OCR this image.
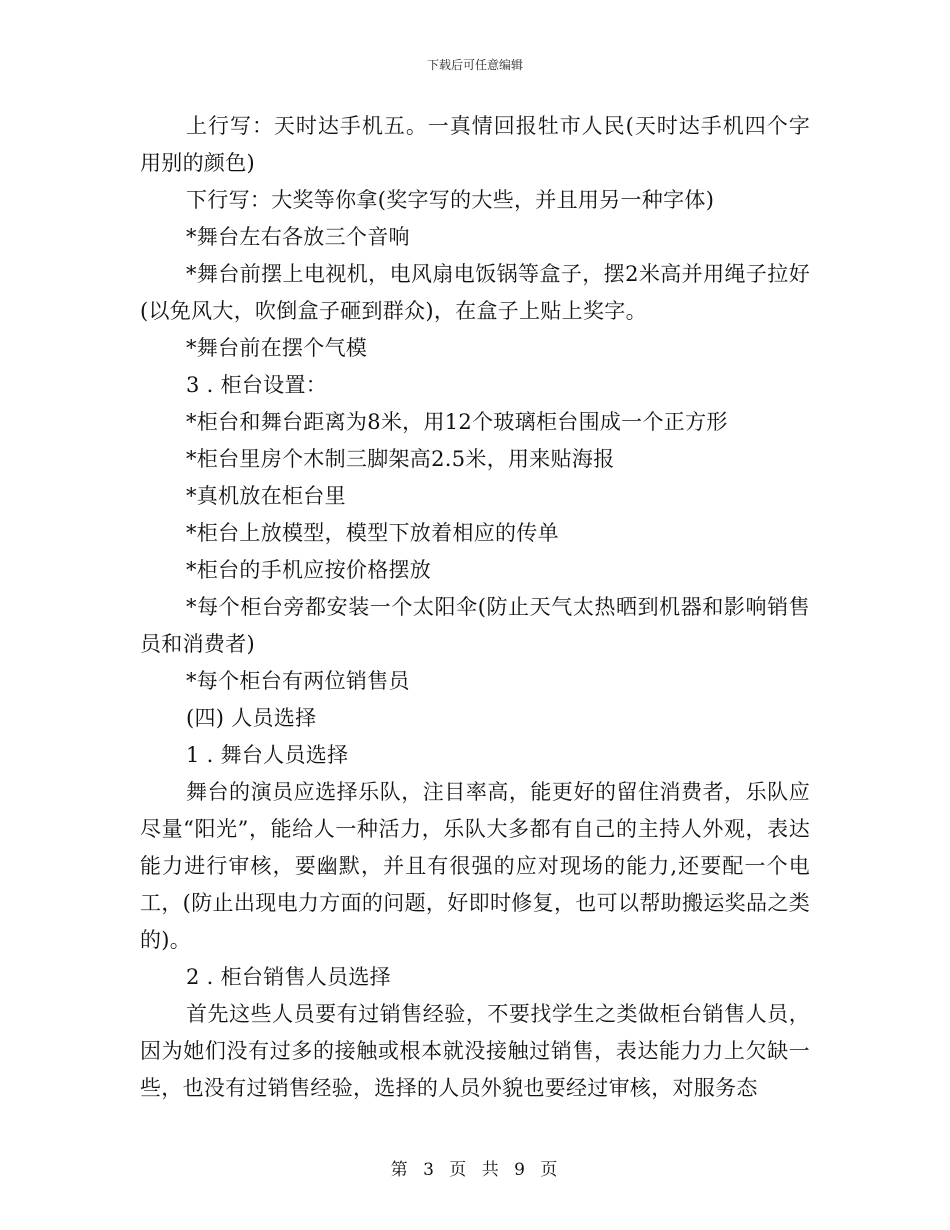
下载后可任意编辑

上行写：天时达手机五。一真情回报牡市人民(天时达手机四个字用别的颜色)

下行写：大奖等你拿(奖字写的大些，并且用另一种字体)

*舞台左右各放三个音响

*舞台前摆上电视机，电风扇电饭锅等盒子，摆2米高并用绳子拉好(以免风大，吹倒盒子砸到群众)，在盒子上贴上奖字。

*舞台前在摆个气模

3 . 柜台设置：

*柜台和舞台距离为8米，用12个玻璃柜台围成一个正方形

*柜台里房个木制三脚架高2.5米，用来贴海报

*真机放在柜台里

*柜台上放模型，模型下放着相应的传单

*柜台的手机应按价格摆放

*每个柜台旁都安装一个太阳伞(防止天气太热晒到机器和影响销售员和消费者)

*每个柜台有两位销售员

(四) 人员选择

1 . 舞台人员选择

舞台的演员应选择乐队，注目率高，能更好的留住消费者，乐队应尽量“阳光”，能给人一种活力，乐队大多都有自己的主持人外观，表达能力进行审核，要幽默，并且有很强的应对现场的能力,还要配一个电工，(防止出现电力方面的问题，好即时修复，也可以帮助搬运奖品之类的)。

2 . 柜台销售人员选择

首先这些人员要有过销售经验，不要找学生之类做柜台销售人员，因为她们没有过多的接触或根本就没接触过销售，表达能力力上欠缺一些，也没有过销售经验，选择的人员外貌也要经过审核，对服务态

第 3 页 共 9 页
